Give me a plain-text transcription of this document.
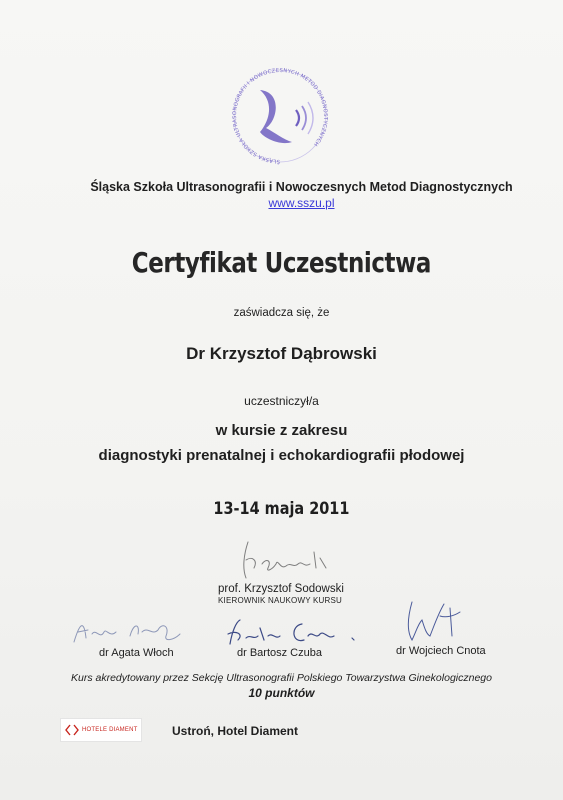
ŚLĄSKA SZKOŁA ULTRASONOGRAFII I NOWOCZESNYCH METOD DIAGNOSTYCZNYCH
Śląska Szkoła Ultrasonografii i Nowoczesnych Metod Diagnostycznych
www.sszu.pl
Certyfikat Uczestnictwa
zaświadcza się, że
Dr Krzysztof Dąbrowski
uczestniczył/a
w kursie z zakresu
diagnostyki prenatalnej i echokardiografii płodowej
13-14 maja 2011
prof. Krzysztof Sodowski
KIEROWNIK NAUKOWY KURSU
dr Agata Włoch	dr Bartosz Czuba	dr Wojciech Cnota
Kurs akredytowany przez Sekcję Ultrasonografii Polskiego Towarzystwa Ginekologicznego
10 punktów
HOTELE DIAMENT	Ustroń, Hotel Diament
